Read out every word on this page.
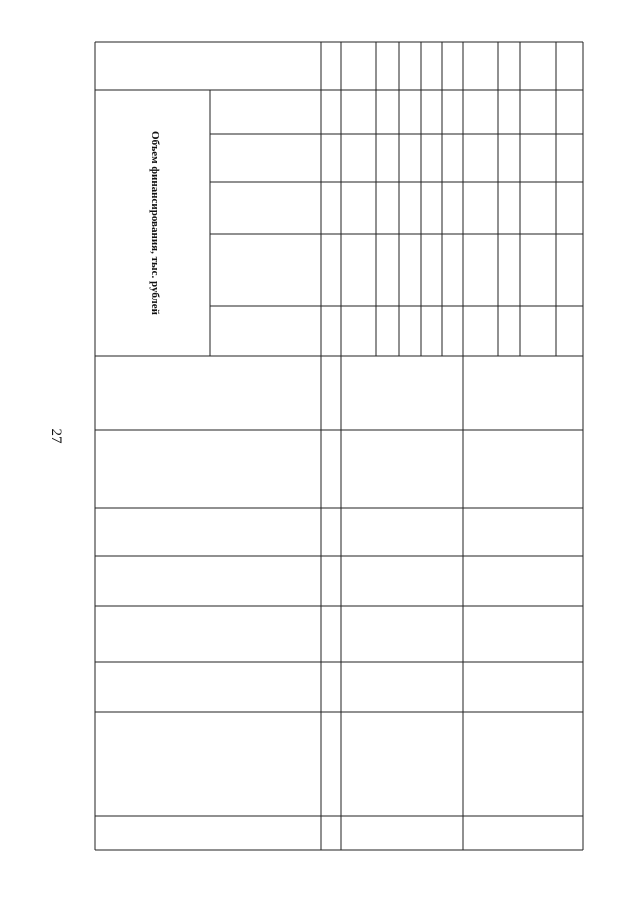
27
Объем финансирования, тыс. рублей
